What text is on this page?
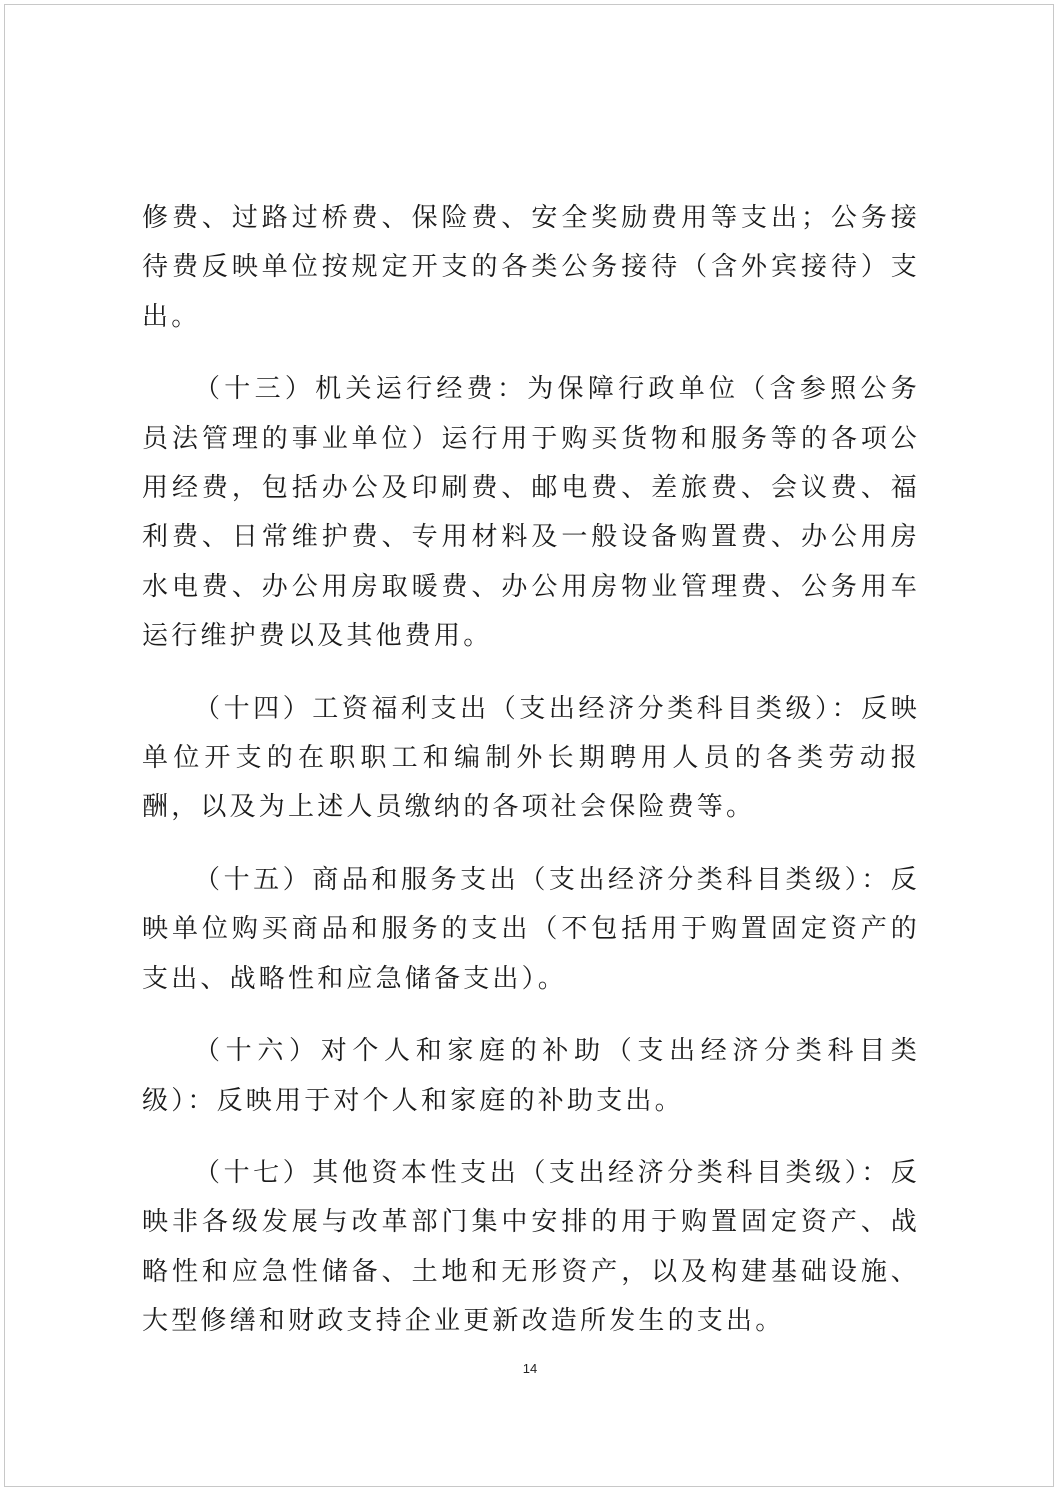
修费、过路过桥费、保险费、安全奖励费用等支出；公务接待费反映单位按规定开支的各类公务接待（含外宾接待）支出。

（十三）机关运行经费：为保障行政单位（含参照公务员法管理的事业单位）运行用于购买货物和服务等的各项公用经费，包括办公及印刷费、邮电费、差旅费、会议费、福利费、日常维护费、专用材料及一般设备购置费、办公用房水电费、办公用房取暖费、办公用房物业管理费、公务用车运行维护费以及其他费用。

（十四）工资福利支出（支出经济分类科目类级）：反映单位开支的在职职工和编制外长期聘用人员的各类劳动报酬，以及为上述人员缴纳的各项社会保险费等。

（十五）商品和服务支出（支出经济分类科目类级）：反映单位购买商品和服务的支出（不包括用于购置固定资产的支出、战略性和应急储备支出）。

（十六）对个人和家庭的补助（支出经济分类科目类级）：反映用于对个人和家庭的补助支出。

（十七）其他资本性支出（支出经济分类科目类级）：反映非各级发展与改革部门集中安排的用于购置固定资产、战略性和应急性储备、土地和无形资产，以及构建基础设施、大型修缮和财政支持企业更新改造所发生的支出。

14
